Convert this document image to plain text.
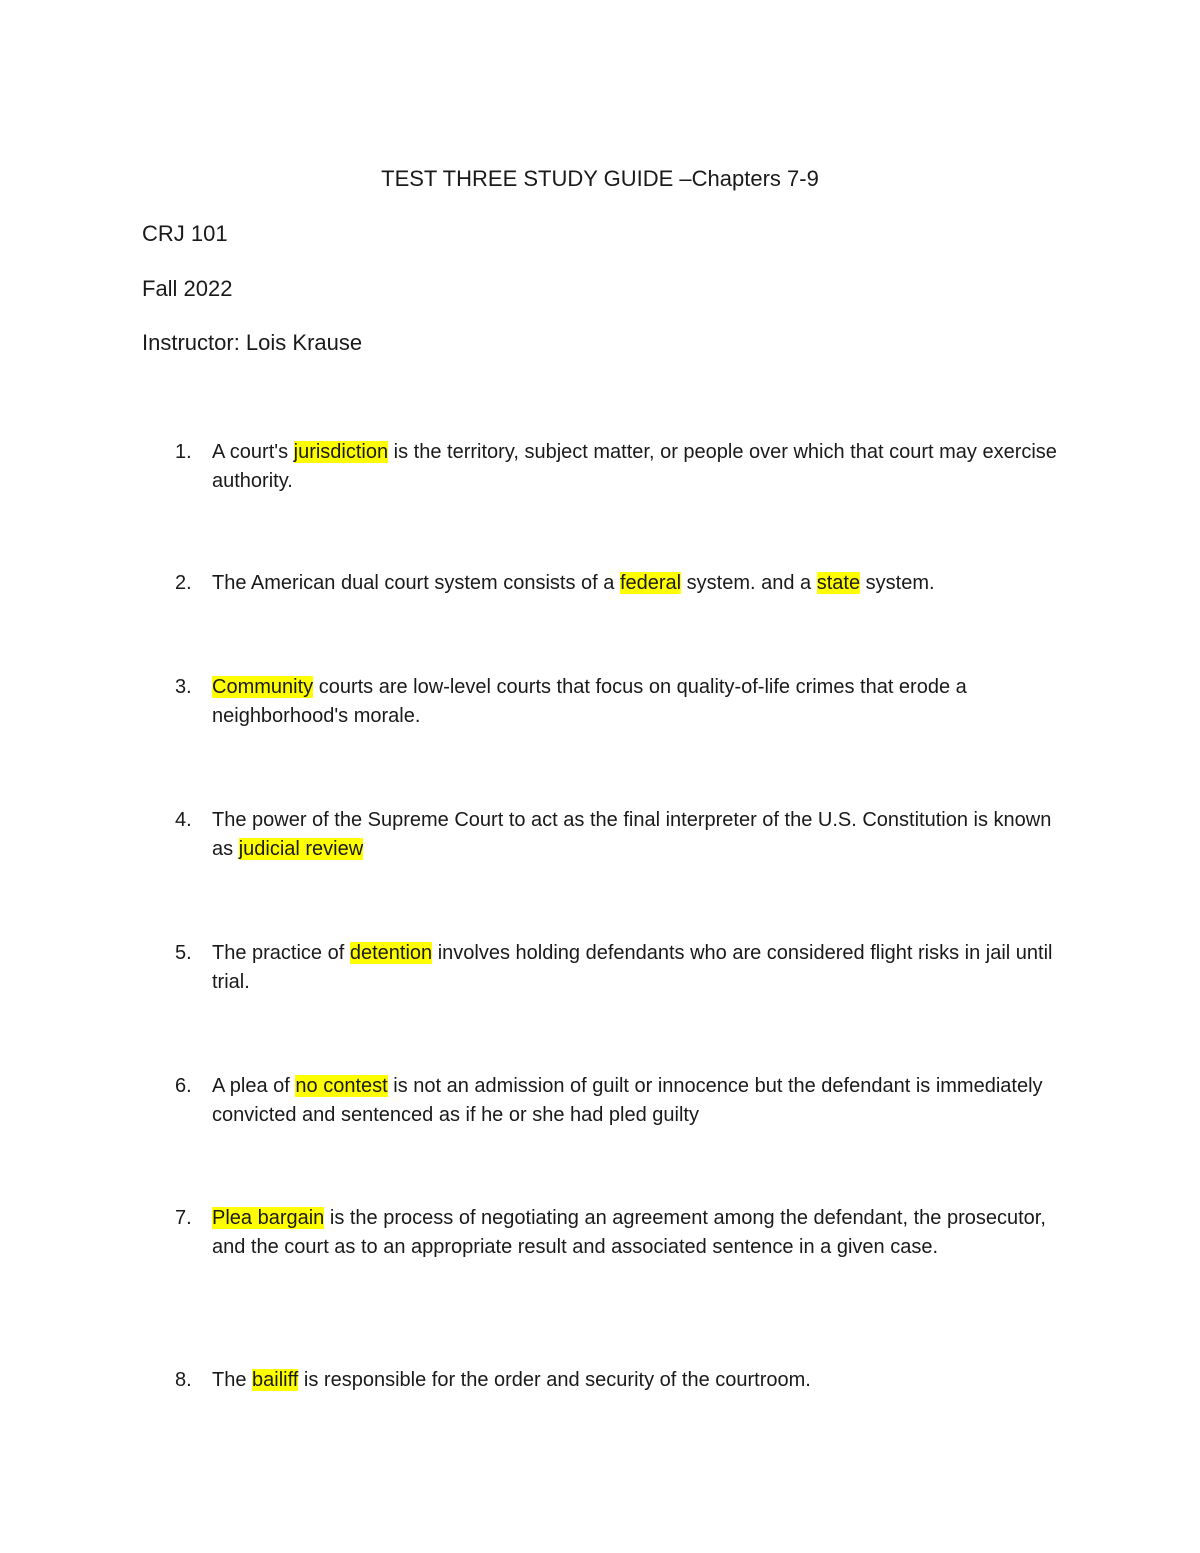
TEST THREE STUDY GUIDE –Chapters 7-9
CRJ 101
Fall 2022
Instructor: Lois Krause
1. A court's jurisdiction is the territory, subject matter, or people over which that court may exercise authority.
2. The American dual court system consists of a federal system. and a state system.
3. Community courts are low-level courts that focus on quality-of-life crimes that erode a neighborhood's morale.
4. The power of the Supreme Court to act as the final interpreter of the U.S. Constitution is known as judicial review
5. The practice of detention involves holding defendants who are considered flight risks in jail until trial.
6. A plea of no contest is not an admission of guilt or innocence but the defendant is immediately convicted and sentenced as if he or she had pled guilty
7. Plea bargain is the process of negotiating an agreement among the defendant, the prosecutor, and the court as to an appropriate result and associated sentence in a given case.
8. The bailiff is responsible for the order and security of the courtroom.
